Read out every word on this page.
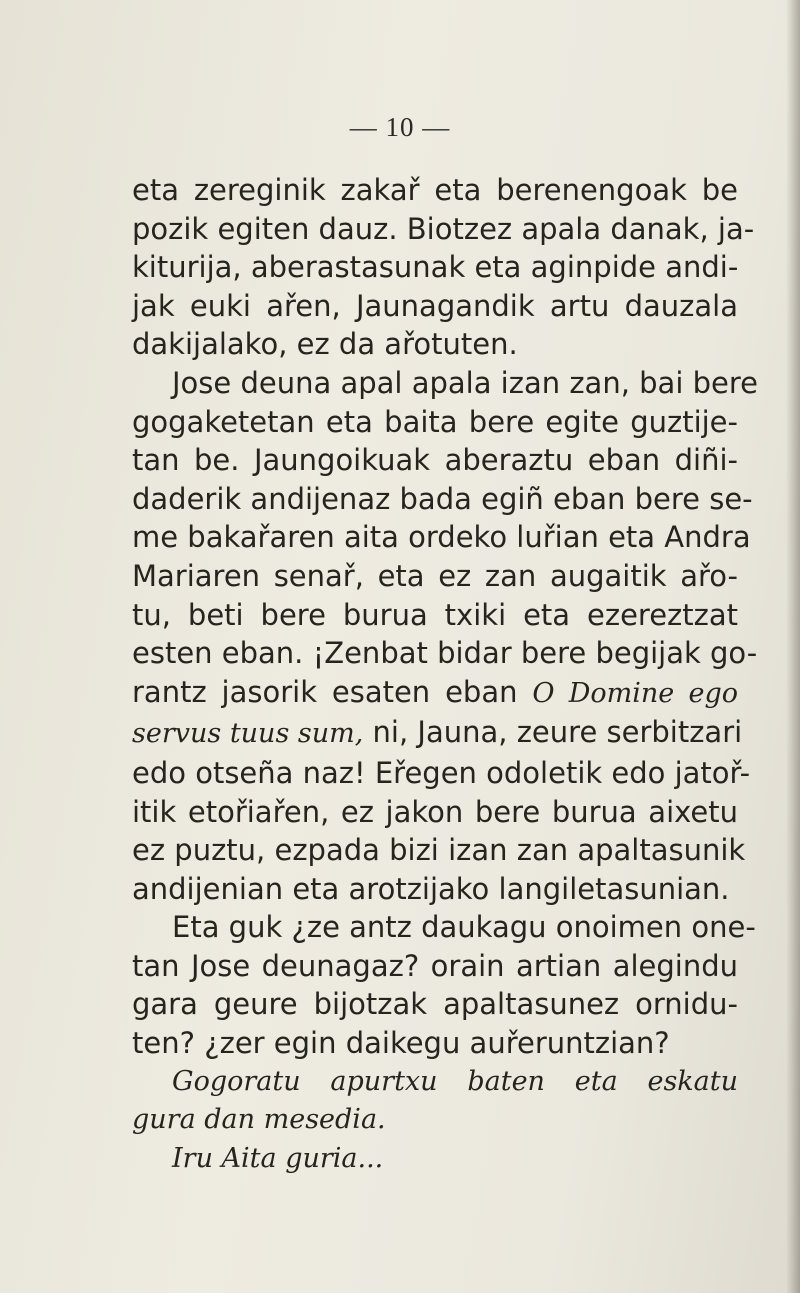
— 10 —
eta zereginik zakař eta berenengoak be
pozik egiten dauz. Biotzez apala danak, ja-
kiturija, aberastasunak eta aginpide andi-
jak euki ařen, Jaunagandik artu dauzala
dakijalako, ez da ařotuten.
Jose deuna apal apala izan zan, bai bere
gogaketetan eta baita bere egite guztije-
tan be. Jaungoikuak aberaztu eban diñi-
daderik andijenaz bada egiñ eban bere se-
me bakařaren aita ordeko luřian eta Andra
Mariaren senař, eta ez zan augaitik ařo-
tu, beti bere burua txiki eta ezereztzat
esten eban. ¡Zenbat bidar bere begijak go-
rantz jasorik esaten eban O Domine ego
servus tuus sum, ni, Jauna, zeure serbitzari
edo otseña naz! Eřegen odoletik edo jatoř-
itik etořiařen, ez jakon bere burua aixetu
ez puztu, ezpada bizi izan zan apaltasunik
andijenian eta arotzijako langiletasunian.
Eta guk ¿ze antz daukagu onoimen one-
tan Jose deunagaz? orain artian alegindu
gara geure bijotzak apaltasunez ornidu-
ten? ¿zer egin daikegu auřeruntzian?
Gogoratu apurtxu baten eta eskatu
gura dan mesedia.
Iru Aita guria...
